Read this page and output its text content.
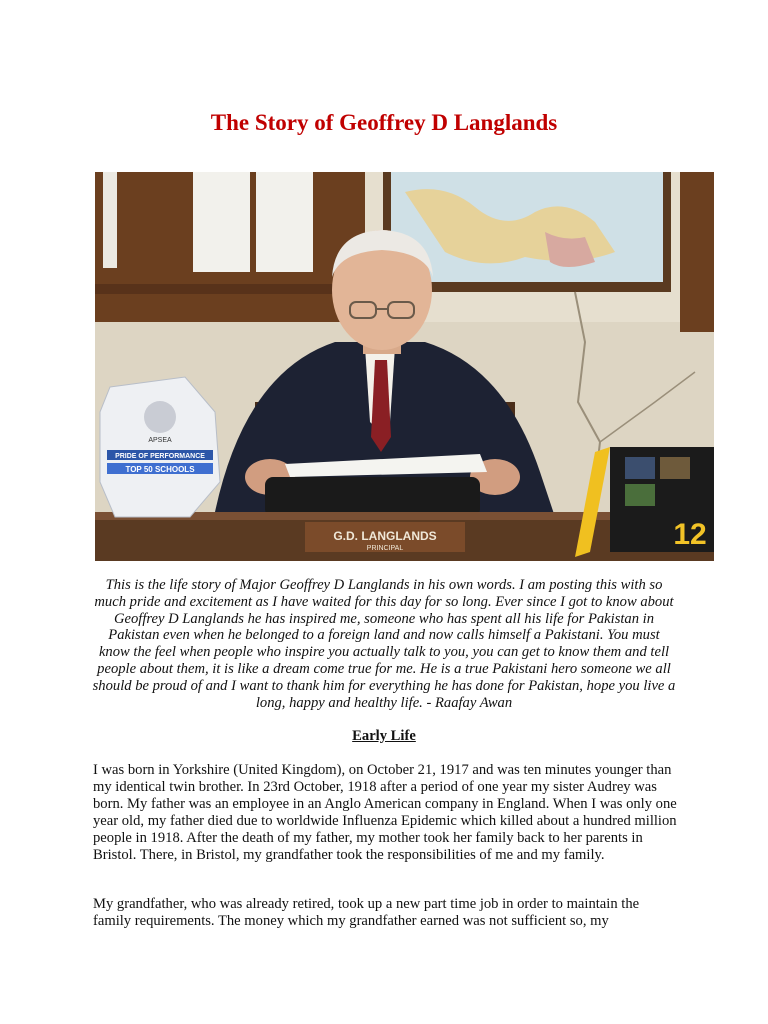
The Story of Geoffrey D Langlands
G.D. LANGLANDS
PRINCIPAL
APSEA
PRIDE OF PERFORMANCE
TOP 50 SCHOOLS
12

This is the life story of Major Geoffrey D Langlands in his own words. I am posting this with so much pride and excitement as I have waited for this day for so long. Ever since I got to know about Geoffrey D Langlands he has inspired me, someone who has spent all his life for Pakistan in Pakistan even when he belonged to a foreign land and now calls himself a Pakistani. You must know the feel when people who inspire you actually talk to you, you can get to know them and tell people about them, it is like a dream come true for me. He is a true Pakistani hero someone we all should be proud of and I want to thank him for everything he has done for Pakistan, hope you live a long, happy and healthy life. - Raafay Awan

Early Life

I was born in Yorkshire (United Kingdom), on October 21, 1917 and was ten minutes younger than my identical twin brother. In 23rd October, 1918 after a period of one year my sister Audrey was born. My father was an employee in an Anglo American company in England. When I was only one year old, my father died due to worldwide Influenza Epidemic which killed about a hundred million people in 1918. After the death of my father, my mother took her family back to her parents in Bristol. There, in Bristol, my grandfather took the responsibilities of me and my family.

My grandfather, who was already retired, took up a new part time job in order to maintain the family requirements. The money which my grandfather earned was not sufficient so, my
